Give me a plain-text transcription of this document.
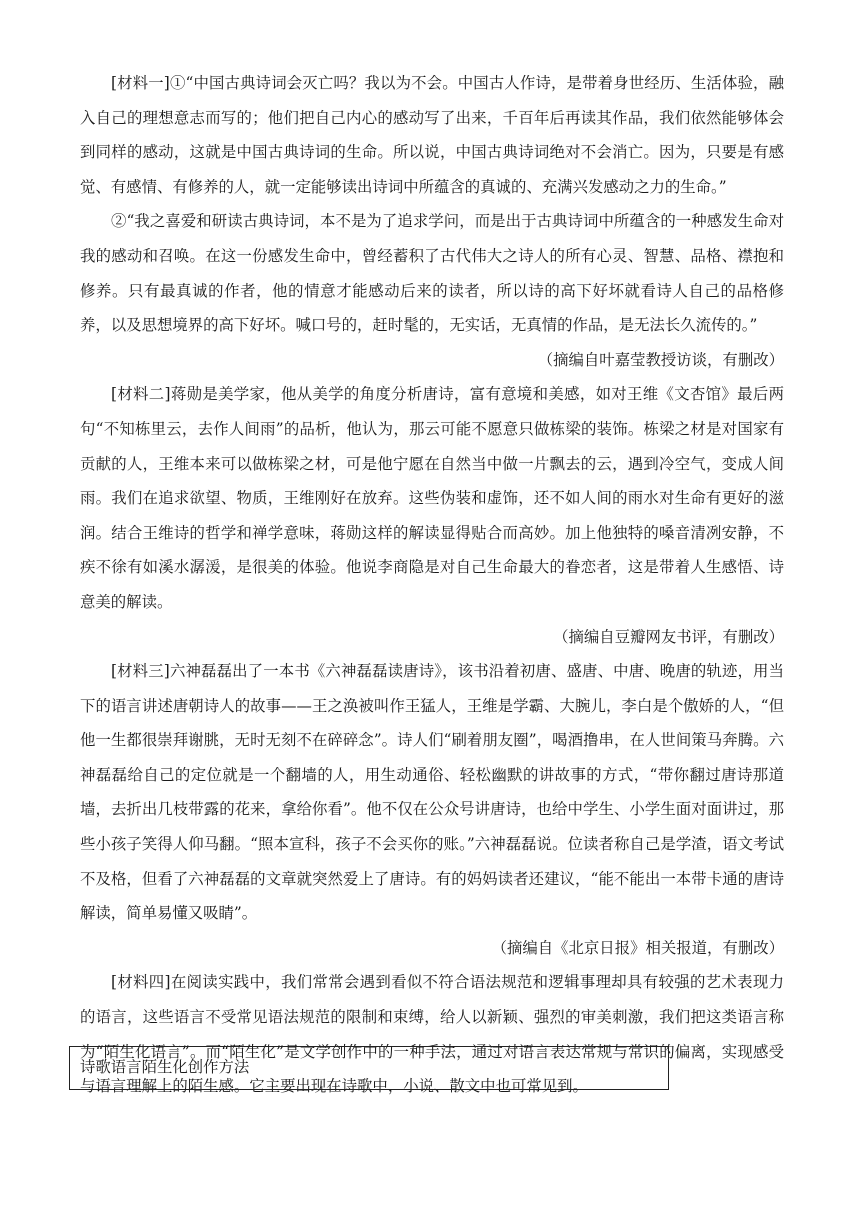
[材料一]①“中国古典诗词会灭亡吗？我以为不会。中国古人作诗，是带着身世经历、生活体验，融入自己的理想意志而写的；他们把自己内心的感动写了出来，千百年后再读其作品，我们依然能够体会到同样的感动，这就是中国古典诗词的生命。所以说，中国古典诗词绝对不会消亡。因为，只要是有感觉、有感情、有修养的人，就一定能够读出诗词中所蕴含的真诚的、充满兴发感动之力的生命。”

②“我之喜爱和研读古典诗词，本不是为了追求学问，而是出于古典诗词中所蕴含的一种感发生命对我的感动和召唤。在这一份感发生命中，曾经蓄积了古代伟大之诗人的所有心灵、智慧、品格、襟抱和修养。只有最真诚的作者，他的情意才能感动后来的读者，所以诗的高下好坏就看诗人自己的品格修养，以及思想境界的高下好坏。喊口号的，赶时髦的，无实话，无真情的作品，是无法长久流传的。”

（摘编自叶嘉莹教授访谈，有删改）

[材料二]蒋勋是美学家，他从美学的角度分析唐诗，富有意境和美感，如对王维《文杏馆》最后两句“不知栋里云，去作人间雨”的品析，他认为，那云可能不愿意只做栋梁的装饰。栋梁之材是对国家有贡献的人，王维本来可以做栋梁之材，可是他宁愿在自然当中做一片飘去的云，遇到冷空气，变成人间雨。我们在追求欲望、物质，王维刚好在放弃。这些伪装和虚饰，还不如人间的雨水对生命有更好的滋润。结合王维诗的哲学和禅学意味，蒋勋这样的解读显得贴合而高妙。加上他独特的嗓音清冽安静，不疾不徐有如溪水潺湲，是很美的体验。他说李商隐是对自己生命最大的眷恋者，这是带着人生感悟、诗意美的解读。

（摘编自豆瓣网友书评，有删改）

[材料三]六神磊磊出了一本书《六神磊磊读唐诗》，该书沿着初唐、盛唐、中唐、晚唐的轨迹，用当下的语言讲述唐朝诗人的故事——王之涣被叫作王猛人，王维是学霸、大腕儿，李白是个傲娇的人，“但他一生都很崇拜谢朓，无时无刻不在碎碎念”。诗人们“刷着朋友圈”，喝酒撸串，在人世间策马奔腾。六神磊磊给自己的定位就是一个翻墙的人，用生动通俗、轻松幽默的讲故事的方式，“带你翻过唐诗那道墙，去折出几枝带露的花来，拿给你看”。他不仅在公众号讲唐诗，也给中学生、小学生面对面讲过，那些小孩子笑得人仰马翻。“照本宣科，孩子不会买你的账。”六神磊磊说。位读者称自己是学渣，语文考试不及格，但看了六神磊磊的文章就突然爱上了唐诗。有的妈妈读者还建议，“能不能出一本带卡通的唐诗解读，简单易懂又吸睛”。

（摘编自《北京日报》相关报道，有删改）

[材料四]在阅读实践中，我们常常会遇到看似不符合语法规范和逻辑事理却具有较强的艺术表现力的语言，这些语言不受常见语法规范的限制和束缚，给人以新颖、强烈的审美刺激，我们把这类语言称为“陌生化语言”。而“陌生化”是文学创作中的一种手法，通过对语言表达常规与常识的偏离，实现感受与语言理解上的陌生感。它主要出现在诗歌中，小说、散文中也可常见到。

诗歌语言陌生化创作方法
